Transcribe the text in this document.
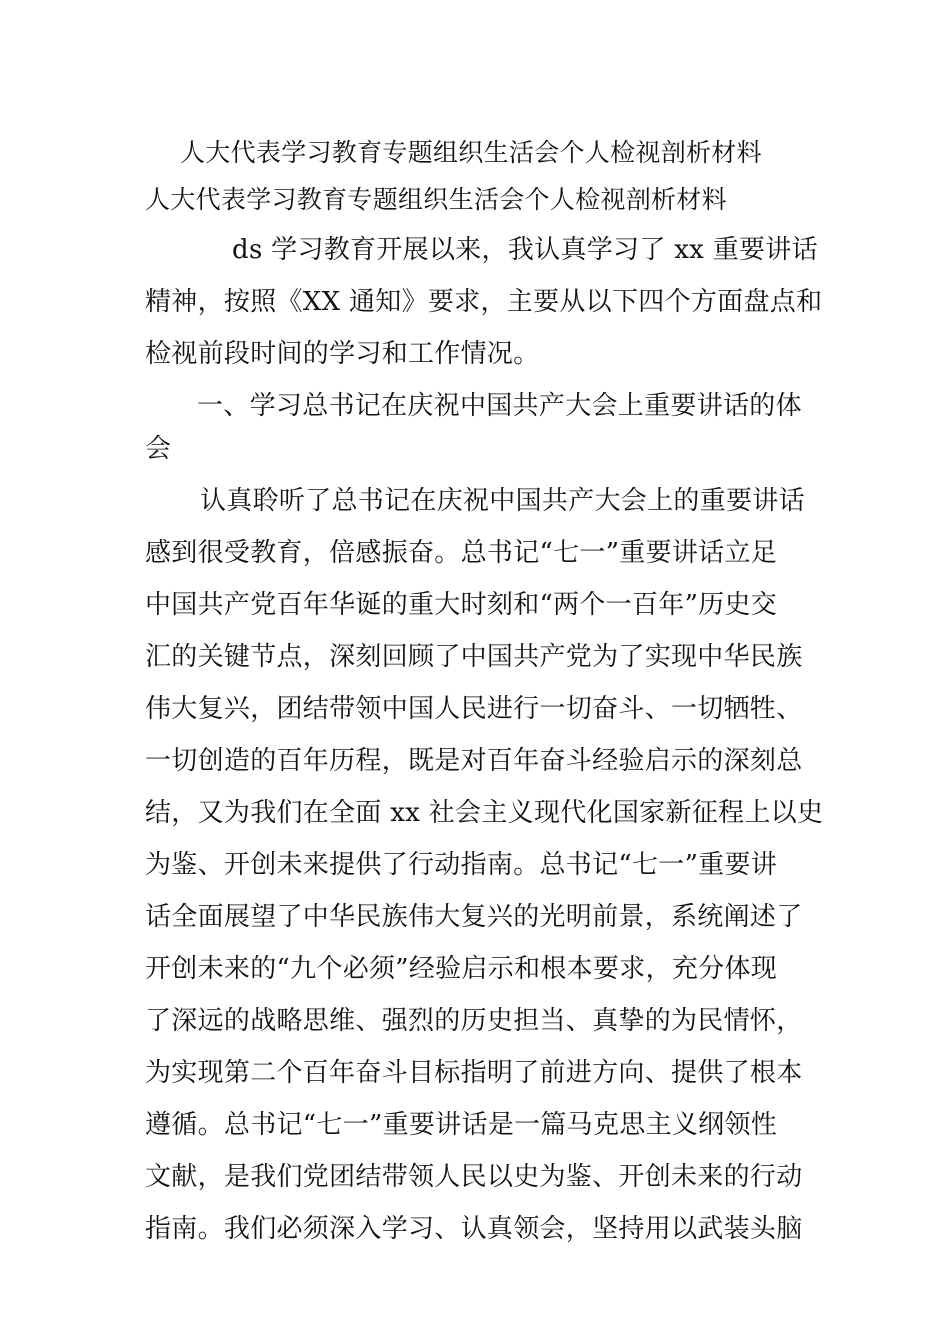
人大代表学习教育专题组织生活会个人检视剖析材料
人大代表学习教育专题组织生活会个人检视剖析材料
ds 学习教育开展以来，我认真学习了 xx 重要讲话
精神，按照《XX 通知》要求，主要从以下四个方面盘点和
检视前段时间的学习和工作情况。
一、学习总书记在庆祝中国共产大会上重要讲话的体
会
认真聆听了总书记在庆祝中国共产大会上的重要讲话
感到很受教育，倍感振奋。总书记“七一”重要讲话立足
中国共产党百年华诞的重大时刻和“两个一百年”历史交
汇的关键节点，深刻回顾了中国共产党为了实现中华民族
伟大复兴，团结带领中国人民进行一切奋斗、一切牺牲、
一切创造的百年历程，既是对百年奋斗经验启示的深刻总
结，又为我们在全面 xx 社会主义现代化国家新征程上以史
为鉴、开创未来提供了行动指南。总书记“七一”重要讲
话全面展望了中华民族伟大复兴的光明前景，系统阐述了
开创未来的“九个必须”经验启示和根本要求，充分体现
了深远的战略思维、强烈的历史担当、真挚的为民情怀，
为实现第二个百年奋斗目标指明了前进方向、提供了根本
遵循。总书记“七一”重要讲话是一篇马克思主义纲领性
文献，是我们党团结带领人民以史为鉴、开创未来的行动
指南。我们必须深入学习、认真领会，坚持用以武装头脑
